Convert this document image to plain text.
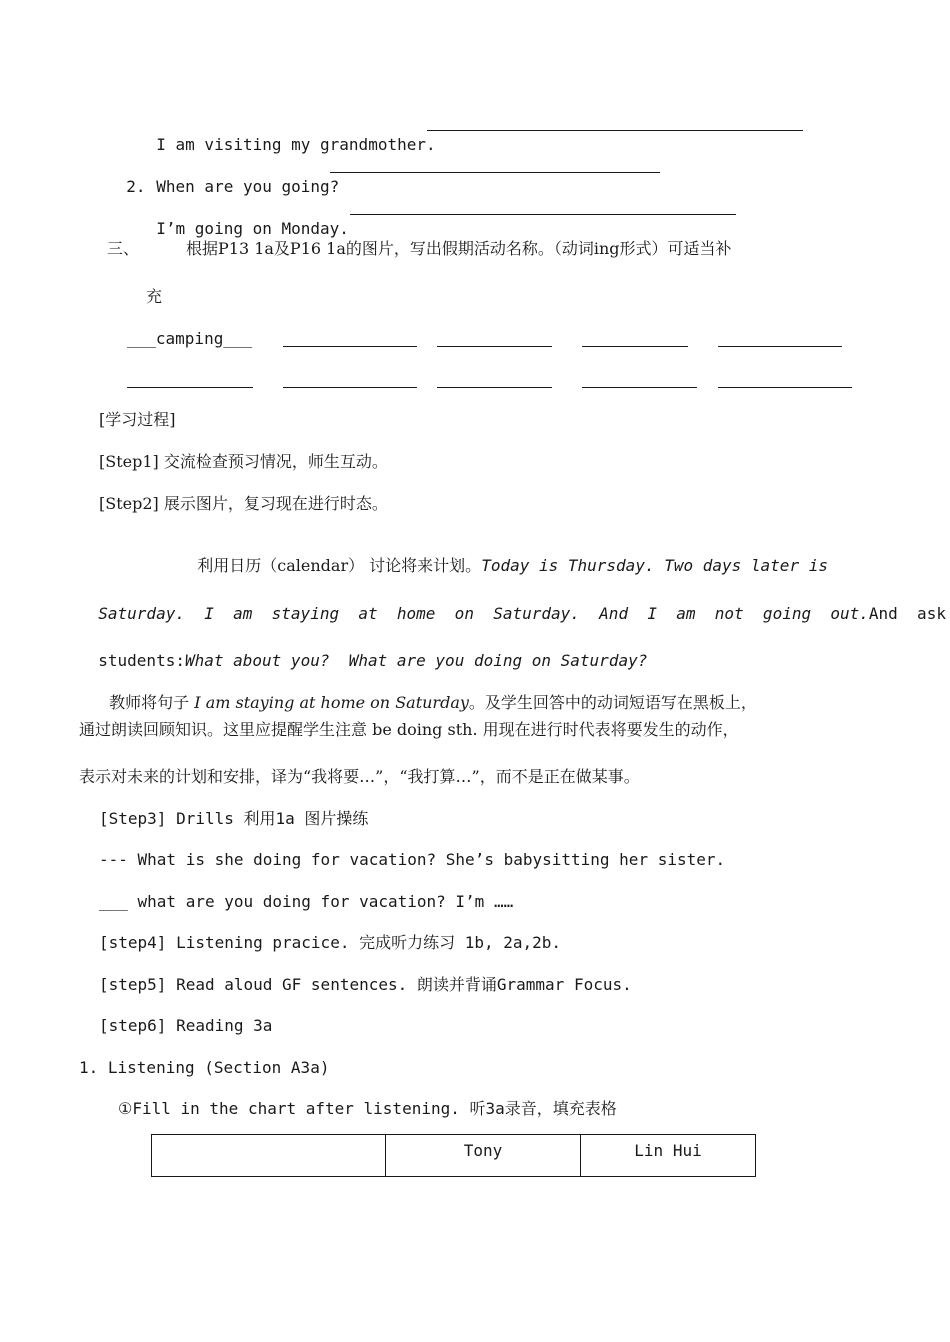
I am visiting my grandmother.

2. When are you going?

I’m going on Monday.

三、	根据P13 1a及P16 1a的图片，写出假期活动名称。（动词ing形式）可适当补
充
___camping___
[学习过程]
[Step1] 交流检查预习情况，师生互动。
[Step2] 展示图片，复习现在进行时态。

利用日历（calendar） 讨论将来计划。Today is Thursday. Two days later is

Saturday.  I  am  staying  at  home  on  Saturday.  And  I  am  not  going  out.And  ask

students:What about you?  What are you doing on Saturday?

教师将句子 I am staying at home on Saturday。及学生回答中的动词短语写在黑板上，

通过朗读回顾知识。这里应提醒学生注意 be doing sth. 用现在进行时代表将要发生的动作，
表示对未来的计划和安排，译为“我将要…”，“我打算…”，而不是正在做某事。
[Step3] Drills 利用1a 图片操练
--- What is she doing for vacation? She’s babysitting her sister.
___ what are you doing for vacation? I’m ……
[step4] Listening pracice. 完成听力练习 1b, 2a,2b.
[step5] Read aloud GF sentences. 朗读并背诵Grammar Focus.
[step6] Reading 3a
1. Listening (Section A3a)
①Fill in the chart after listening. 听3a录音，填充表格
	Tony	Lin Hui
